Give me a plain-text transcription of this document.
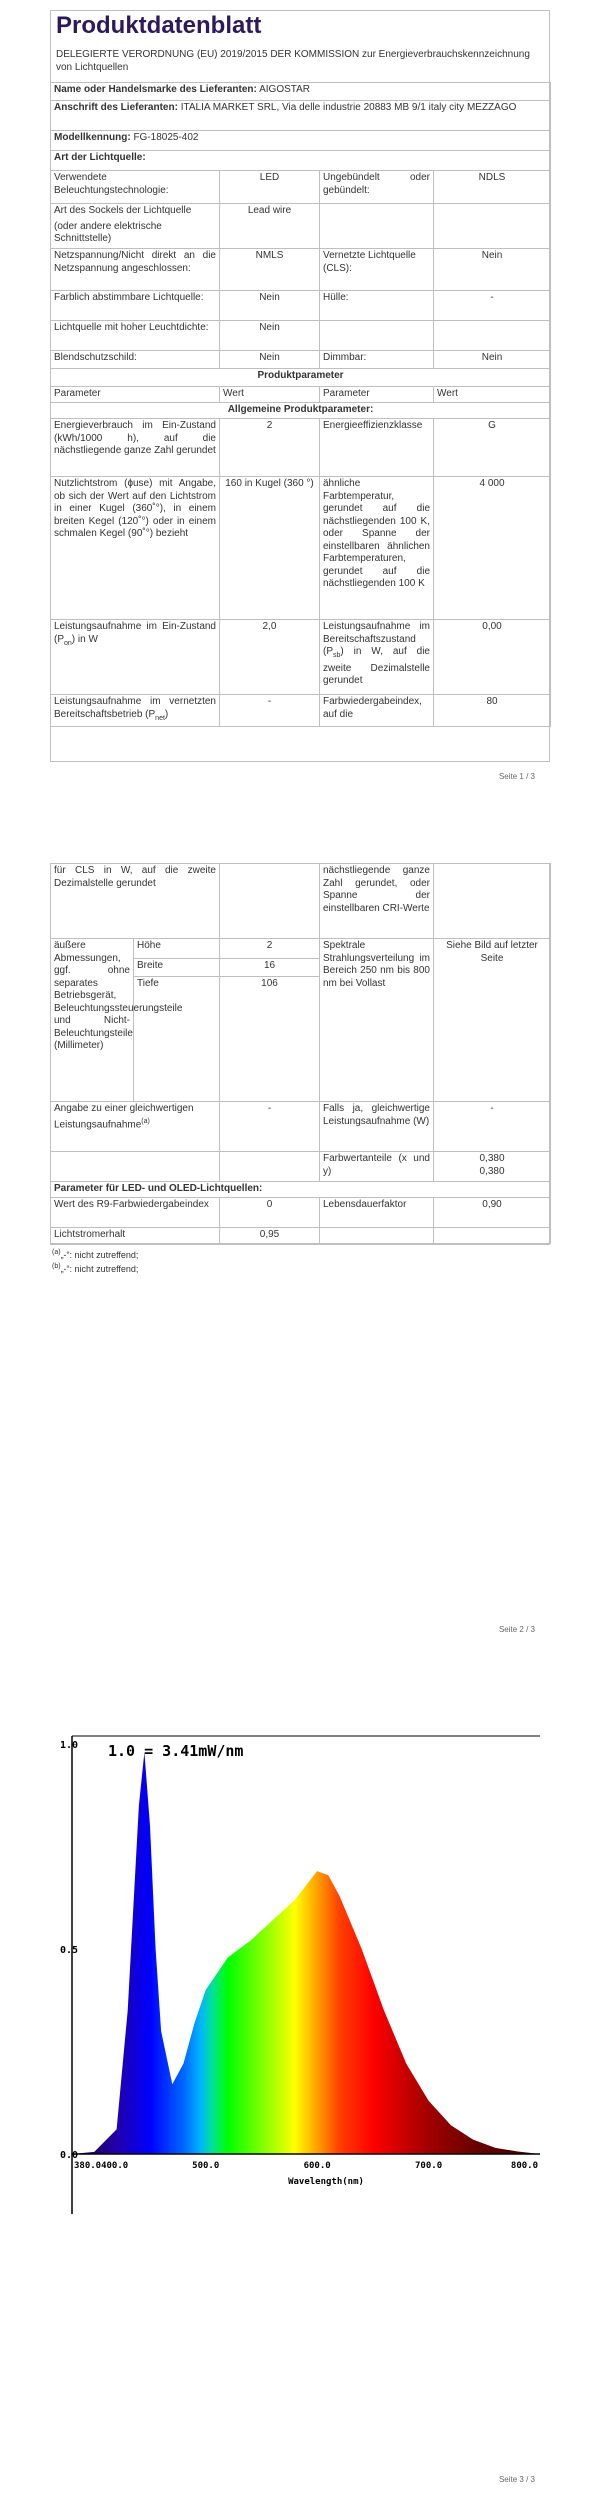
Produktdatenblatt
DELEGIERTE VERORDNUNG (EU) 2019/2015 DER KOMMISSION zur Energieverbrauchskennzeichnung von Lichtquellen
Name oder Handelsmarke des Lieferanten: AIGOSTAR			
Anschrift des Lieferanten: ITALIA MARKET SRL, Via delle industrie 20883 MB 9/1 italy city MEZZAGO			
Modellkennung: FG-18025-402			
Art der Lichtquelle:			
Verwendete Beleuchtungstechnologie:	LED	Ungebündelt oder gebündelt:	NDLS

Art des Sockels der Lichtquelle
(oder andere elektrische Schnittstelle)	Lead wire		
Netzspannung/Nicht direkt an die Netzspannung angeschlossen:	NMLS	Vernetzte Lichtquelle (CLS):	Nein
Farblich abstimmbare Lichtquelle:	Nein	Hülle:	-
Lichtquelle mit hoher Leuchtdichte:	Nein		
Blendschutzschild:	Nein	Dimmbar:	Nein
Produktparameter			
Parameter	Wert	Parameter	Wert
Allgemeine Produktparameter:			
Energieverbrauch im Ein-Zustand (kWh/1000 h), auf die nächstliegende ganze Zahl gerundet	2	Energieeffizienzklasse	G
Nutzlichtstrom (ɸuse) mit Angabe, ob sich der Wert auf den Lichtstrom in einer Kugel (360˚°), in einem breiten Kegel (120˚°) oder in einem schmalen Kegel (90˚°) bezieht	160 in Kugel (360 °)	ähnliche Farbtemperatur, gerundet auf die nächstliegenden 100 K, oder Spanne der einstellbaren ähnlichen Farbtemperaturen, gerundet auf die nächstliegenden 100 K	4 000
Leistungsaufnahme im Ein-Zustand $(P_{on})$ in W	2,0	Leistungsaufnahme im Bereitschaftszustand $(P_{sb})$ in W, auf die zweite Dezimalstelle gerundet	0,00
Leistungsaufnahme im vernetzten Bereitschaftsbetrieb $(P_{net})$	-	Farbwiedergabeindex, auf die	80
Seite 1 / 3
für CLS in W, auf die zweite Dezimalstelle gerundet			nächstliegende ganze Zahl gerundet, oder Spanne der einstellbaren CRI-Werte	
äußere Abmessungen, ggf. ohne separates Betriebsgerät, Beleuchtungssteuerungsteile und Nicht-Beleuchtungsteile (Millimeter)	Höhe	2	Spektrale Strahlungsverteilung im Bereich 250 nm bis 800 nm bei Vollast	Siehe Bild auf letzter Seite
	Breite	16		
	Tiefe	106		
Angabe zu einer gleichwertigen Leistungsaufnahme$^{(a)}$		-	Falls ja, gleichwertige Leistungsaufnahme (W)	-
			Farbwertanteile (x und y)	0,380
0,380

Parameter für LED- und OLED-Lichtquellen:				
Wert des R9-Farbwiedergabeindex		0	Lebensdauerfaktor	0,90
Lichtstromerhalt		0,95		
$^{(a)}$„-“: nicht zutreffend;
$^{(b)}$„-“: nicht zutreffend;
Seite 2 / 3
Seite 3 / 3
1.0
0.5
0.0
380.0400.0	500.0	600.0	700.0	800.0
Wavelength(nm)
1.0 = 3.41mW/nm
